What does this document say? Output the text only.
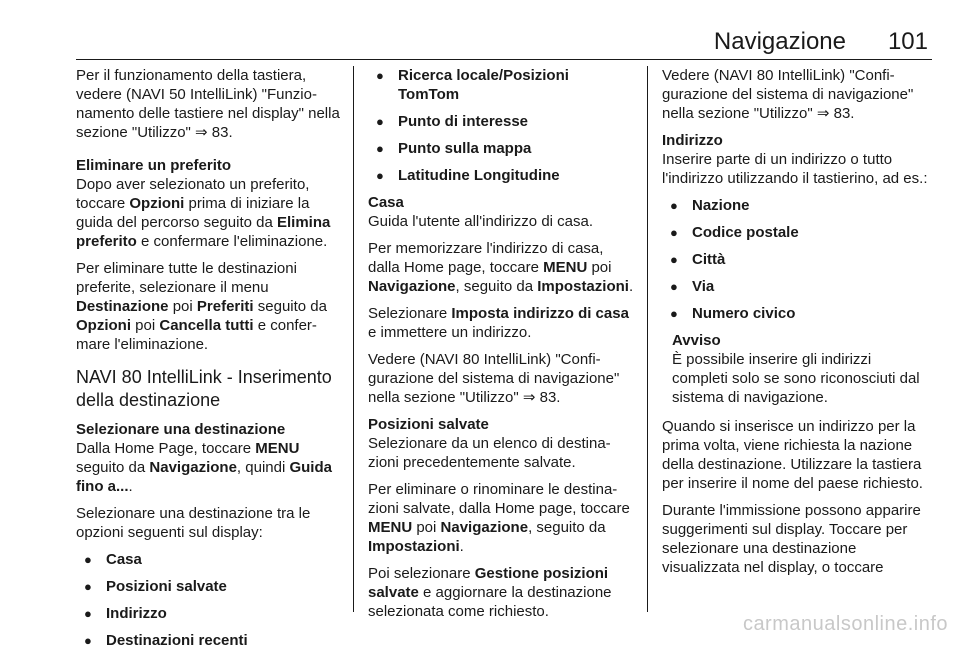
Navigazione 101

Per il funzionamento della tastiera, vedere (NAVI 50 IntelliLink) "Funzionamento delle tastiere nel display" nella sezione "Utilizzo" ⇒ 83.

Eliminare un preferito

Dopo aver selezionato un preferito, toccare Opzioni prima di iniziare la guida del percorso seguito da Elimina preferito e confermare l'eliminazione.

Per eliminare tutte le destinazioni preferite, selezionare il menu Destinazione poi Preferiti seguito da Opzioni poi Cancella tutti e confermare l'eliminazione.

NAVI 80 IntelliLink - Inserimento della destinazione
Selezionare una destinazione

Dalla Home Page, toccare MENU seguito da Navigazione, quindi Guida fino a....

Selezionare una destinazione tra le opzioni seguenti sul display:

● Casa
● Posizioni salvate
● Indirizzo
● Destinazioni recenti
● Ricerca locale/Posizioni TomTom
● Punto di interesse
● Punto sulla mappa
● Latitudine Longitudine
Casa

Guida l'utente all'indirizzo di casa.

Per memorizzare l'indirizzo di casa, dalla Home page, toccare MENU poi Navigazione, seguito da Impostazioni.

Selezionare Imposta indirizzo di casa e immettere un indirizzo.

Vedere (NAVI 80 IntelliLink) "Configurazione del sistema di navigazione" nella sezione "Utilizzo" ⇒ 83.

Posizioni salvate

Selezionare da un elenco di destinazioni precedentemente salvate.

Per eliminare o rinominare le destinazioni salvate, dalla Home page, toccare MENU poi Navigazione, seguito da Impostazioni.

Poi selezionare Gestione posizioni salvate e aggiornare la destinazione selezionata come richiesto.

Vedere (NAVI 80 IntelliLink) "Configurazione del sistema di navigazione" nella sezione "Utilizzo" ⇒ 83.

Indirizzo

Inserire parte di un indirizzo o tutto l'indirizzo utilizzando il tastierino, ad es.:

● Nazione
● Codice postale
● Città
● Via
● Numero civico
Avviso
È possibile inserire gli indirizzi completi solo se sono riconosciuti dal sistema di navigazione.

Quando si inserisce un indirizzo per la prima volta, viene richiesta la nazione della destinazione. Utilizzare la tastiera per inserire il nome del paese richiesto.

Durante l'immissione possono apparire suggerimenti sul display. Toccare per selezionare una destinazione visualizzata nel display, o toccare

carmanualsonline.info
